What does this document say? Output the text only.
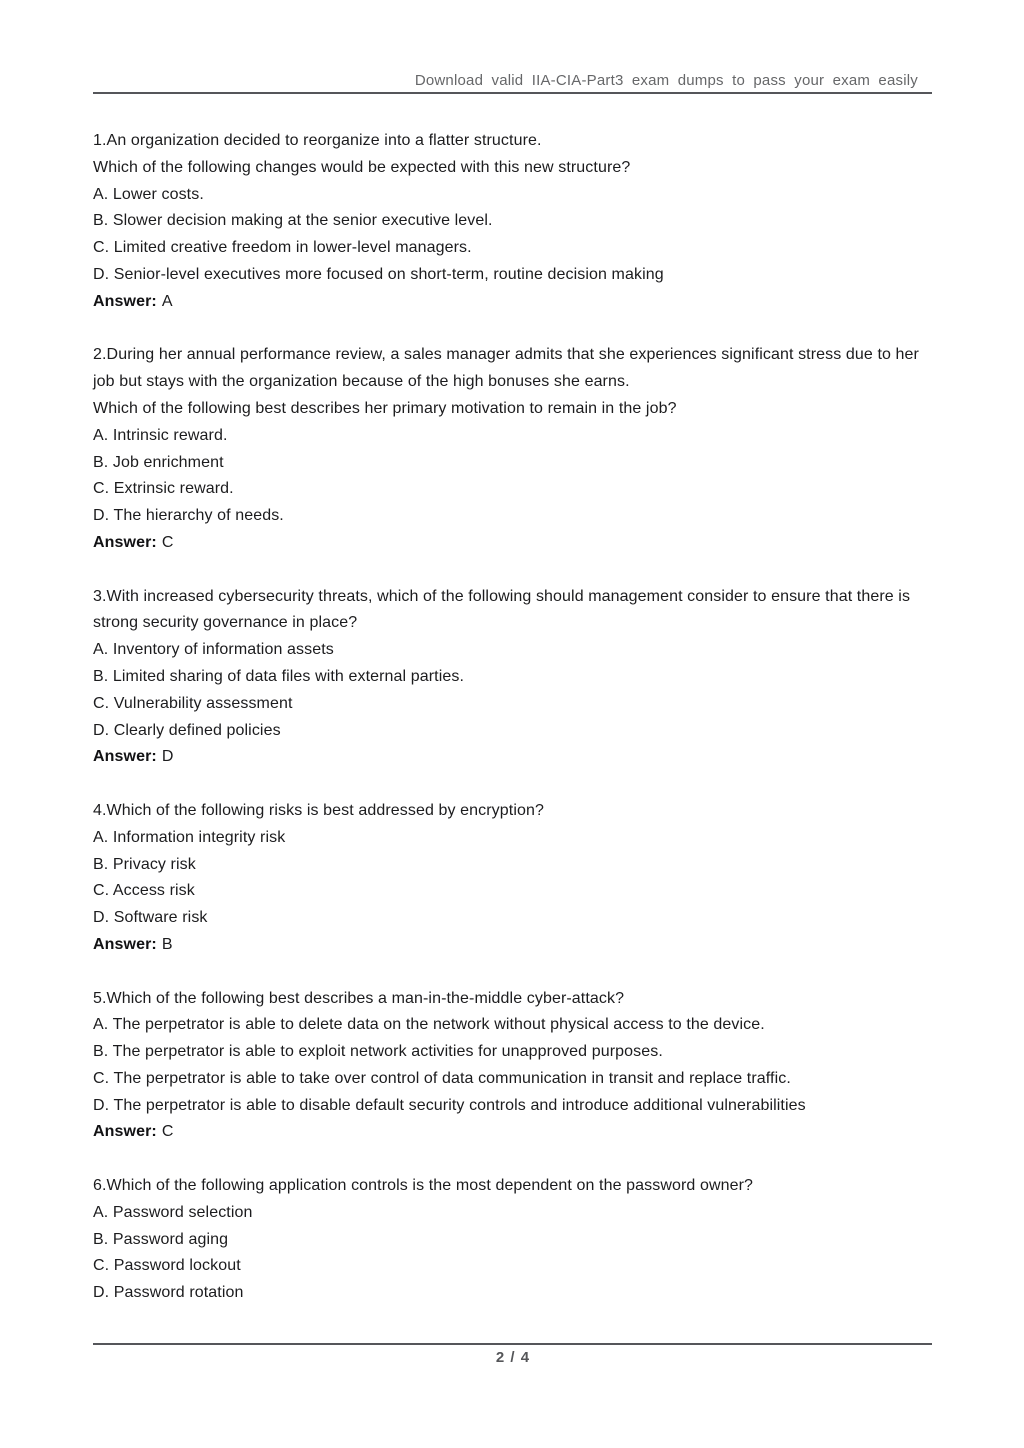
Download valid IIA-CIA-Part3 exam dumps to pass your exam easily

1.An organization decided to reorganize into a flatter structure.

Which of the following changes would be expected with this new structure?

A. Lower costs.

B. Slower decision making at the senior executive level.

C. Limited creative freedom in lower-level managers.

D. Senior-level executives more focused on short-term, routine decision making

Answer: A

2.During her annual performance review, a sales manager admits that she experiences significant stress due to her job but stays with the organization because of the high bonuses she earns.

Which of the following best describes her primary motivation to remain in the job?

A. Intrinsic reward.

B. Job enrichment

C. Extrinsic reward.

D. The hierarchy of needs.

Answer: C

3.With increased cybersecurity threats, which of the following should management consider to ensure that there is strong security governance in place?

A. Inventory of information assets

B. Limited sharing of data files with external parties.

C. Vulnerability assessment

D. Clearly defined policies

Answer: D

4.Which of the following risks is best addressed by encryption?

A. Information integrity risk

B. Privacy risk

C. Access risk

D. Software risk

Answer: B

5.Which of the following best describes a man-in-the-middle cyber-attack?

A. The perpetrator is able to delete data on the network without physical access to the device.

B. The perpetrator is able to exploit network activities for unapproved purposes.

C. The perpetrator is able to take over control of data communication in transit and replace traffic.

D. The perpetrator is able to disable default security controls and introduce additional vulnerabilities

Answer: C

6.Which of the following application controls is the most dependent on the password owner?

A. Password selection

B. Password aging

C. Password lockout

D. Password rotation

2 / 4
